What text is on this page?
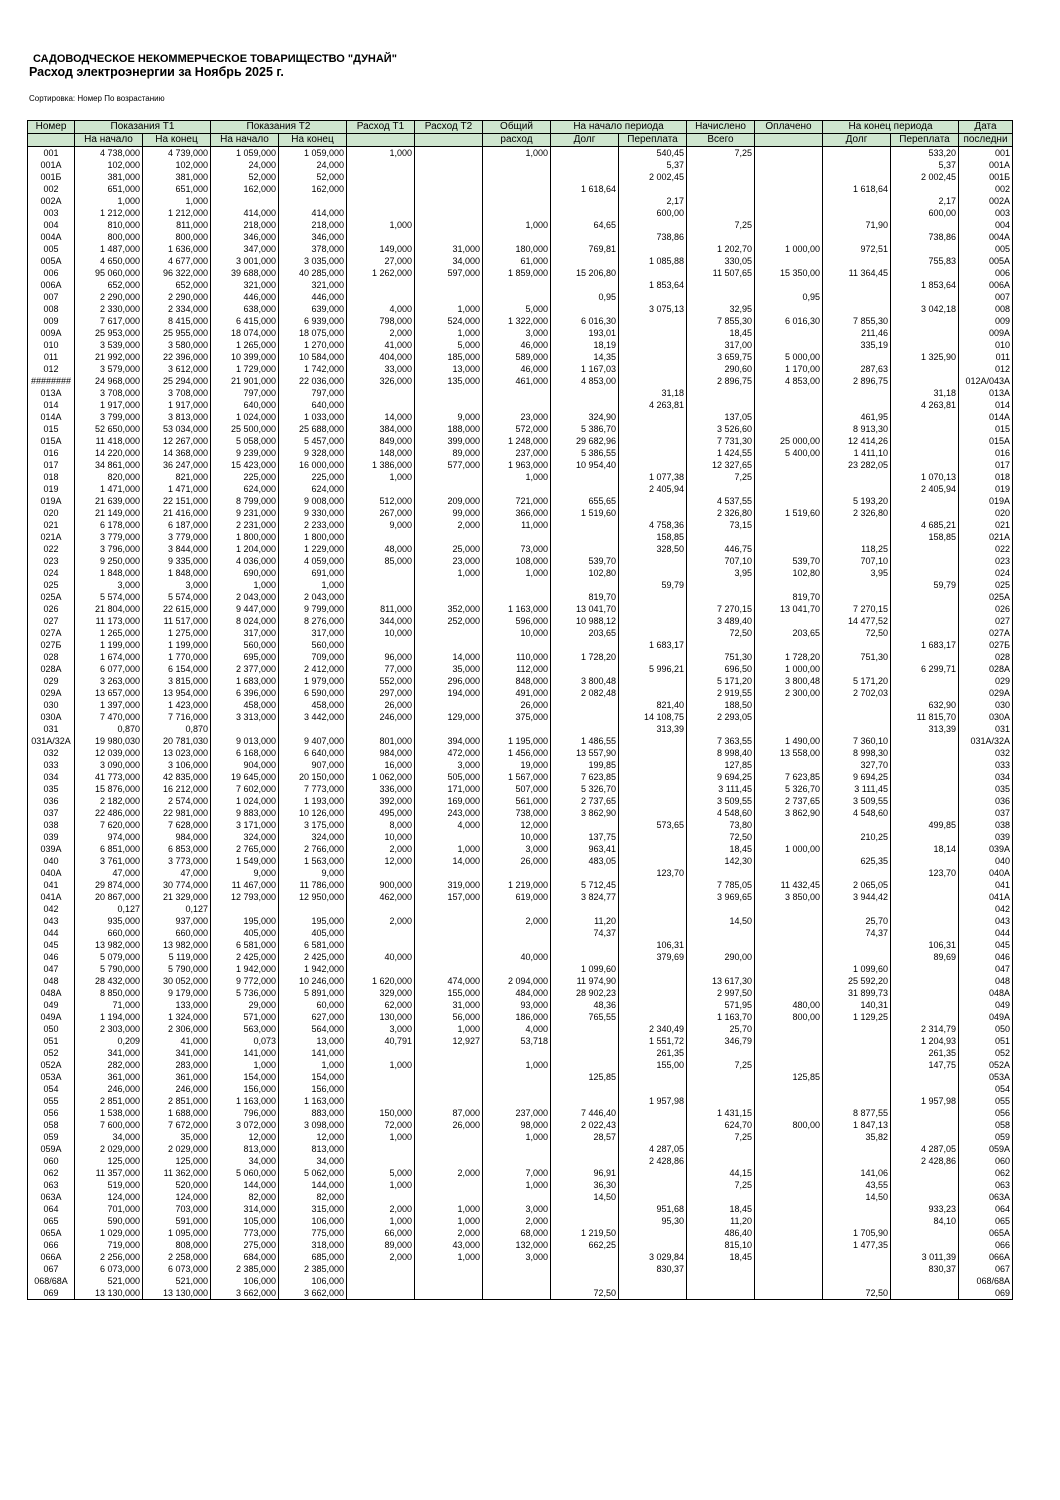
САДОВОДЧЕСКОЕ НЕКОММЕРЧЕСКОЕ ТОВАРИЩЕСТВО "ДУНАЙ"
Расход электроэнергии за Ноябрь 2025 г.
Сортировка: Номер По возрастанию
Номер	Показания Т1		Показания Т2		Расход Т1	Расход Т2	Общий	На начало периода		Начислено	Оплачено	На конец периода		Дата
	На начало	На конец	На начало	На конец			расход	Долг	Переплата	Всего		Долг	Переплата	последни
001	4 738,000	4 739,000	1 059,000	1 059,000	1,000		1,000		540,45	7,25			533,20	001
001А	102,000	102,000	24,000	24,000					5,37				5,37	001А
001Б	381,000	381,000	52,000	52,000					2 002,45				2 002,45	001Б
002	651,000	651,000	162,000	162,000				1 618,64				1 618,64		002
002А	1,000	1,000							2,17				2,17	002А
003	1 212,000	1 212,000	414,000	414,000					600,00				600,00	003
004	810,000	811,000	218,000	218,000	1,000		1,000	64,65		7,25		71,90		004
004А	800,000	800,000	346,000	346,000					738,86				738,86	004А
005	1 487,000	1 636,000	347,000	378,000	149,000	31,000	180,000	769,81		1 202,70	1 000,00	972,51		005
005А	4 650,000	4 677,000	3 001,000	3 035,000	27,000	34,000	61,000		1 085,88	330,05			755,83	005А
006	95 060,000	96 322,000	39 688,000	40 285,000	1 262,000	597,000	1 859,000	15 206,80		11 507,65	15 350,00	11 364,45		006
006А	652,000	652,000	321,000	321,000					1 853,64				1 853,64	006А
007	2 290,000	2 290,000	446,000	446,000				0,95			0,95			007
008	2 330,000	2 334,000	638,000	639,000	4,000	1,000	5,000		3 075,13	32,95			3 042,18	008
009	7 617,000	8 415,000	6 415,000	6 939,000	798,000	524,000	1 322,000	6 016,30		7 855,30	6 016,30	7 855,30		009
009А	25 953,000	25 955,000	18 074,000	18 075,000	2,000	1,000	3,000	193,01		18,45		211,46		009А
010	3 539,000	3 580,000	1 265,000	1 270,000	41,000	5,000	46,000	18,19		317,00		335,19		010
011	21 992,000	22 396,000	10 399,000	10 584,000	404,000	185,000	589,000	14,35		3 659,75	5 000,00		1 325,90	011
012	3 579,000	3 612,000	1 729,000	1 742,000	33,000	13,000	46,000	1 167,03		290,60	1 170,00	287,63		012
########	24 968,000	25 294,000	21 901,000	22 036,000	326,000	135,000	461,000	4 853,00		2 896,75	4 853,00	2 896,75		012А/043А
013А	3 708,000	3 708,000	797,000	797,000					31,18				31,18	013А
014	1 917,000	1 917,000	640,000	640,000					4 263,81				4 263,81	014
014А	3 799,000	3 813,000	1 024,000	1 033,000	14,000	9,000	23,000	324,90		137,05		461,95		014А
015	52 650,000	53 034,000	25 500,000	25 688,000	384,000	188,000	572,000	5 386,70		3 526,60		8 913,30		015
015А	11 418,000	12 267,000	5 058,000	5 457,000	849,000	399,000	1 248,000	29 682,96		7 731,30	25 000,00	12 414,26		015А
016	14 220,000	14 368,000	9 239,000	9 328,000	148,000	89,000	237,000	5 386,55		1 424,55	5 400,00	1 411,10		016
017	34 861,000	36 247,000	15 423,000	16 000,000	1 386,000	577,000	1 963,000	10 954,40		12 327,65		23 282,05		017
018	820,000	821,000	225,000	225,000	1,000		1,000		1 077,38	7,25			1 070,13	018
019	1 471,000	1 471,000	624,000	624,000					2 405,94				2 405,94	019
019А	21 639,000	22 151,000	8 799,000	9 008,000	512,000	209,000	721,000	655,65		4 537,55		5 193,20		019А
020	21 149,000	21 416,000	9 231,000	9 330,000	267,000	99,000	366,000	1 519,60		2 326,80	1 519,60	2 326,80		020
021	6 178,000	6 187,000	2 231,000	2 233,000	9,000	2,000	11,000		4 758,36	73,15			4 685,21	021
021А	3 779,000	3 779,000	1 800,000	1 800,000					158,85				158,85	021А
022	3 796,000	3 844,000	1 204,000	1 229,000	48,000	25,000	73,000		328,50	446,75		118,25		022
023	9 250,000	9 335,000	4 036,000	4 059,000	85,000	23,000	108,000	539,70		707,10	539,70	707,10		023
024	1 848,000	1 848,000	690,000	691,000		1,000	1,000	102,80		3,95	102,80	3,95		024
025	3,000	3,000	1,000	1,000					59,79				59,79	025
025А	5 574,000	5 574,000	2 043,000	2 043,000				819,70			819,70			025А
026	21 804,000	22 615,000	9 447,000	9 799,000	811,000	352,000	1 163,000	13 041,70		7 270,15	13 041,70	7 270,15		026
027	11 173,000	11 517,000	8 024,000	8 276,000	344,000	252,000	596,000	10 988,12		3 489,40		14 477,52		027
027А	1 265,000	1 275,000	317,000	317,000	10,000		10,000	203,65		72,50	203,65	72,50		027А
027Б	1 199,000	1 199,000	560,000	560,000					1 683,17				1 683,17	027Б
028	1 674,000	1 770,000	695,000	709,000	96,000	14,000	110,000	1 728,20		751,30	1 728,20	751,30		028
028А	6 077,000	6 154,000	2 377,000	2 412,000	77,000	35,000	112,000		5 996,21	696,50	1 000,00		6 299,71	028А
029	3 263,000	3 815,000	1 683,000	1 979,000	552,000	296,000	848,000	3 800,48		5 171,20	3 800,48	5 171,20		029
029А	13 657,000	13 954,000	6 396,000	6 590,000	297,000	194,000	491,000	2 082,48		2 919,55	2 300,00	2 702,03		029А
030	1 397,000	1 423,000	458,000	458,000	26,000		26,000		821,40	188,50			632,90	030
030А	7 470,000	7 716,000	3 313,000	3 442,000	246,000	129,000	375,000		14 108,75	2 293,05			11 815,70	030А
031	0,870	0,870							313,39				313,39	031
031А/32А	19 980,030	20 781,030	9 013,000	9 407,000	801,000	394,000	1 195,000	1 486,55		7 363,55	1 490,00	7 360,10		031А/32А
032	12 039,000	13 023,000	6 168,000	6 640,000	984,000	472,000	1 456,000	13 557,90		8 998,40	13 558,00	8 998,30		032
033	3 090,000	3 106,000	904,000	907,000	16,000	3,000	19,000	199,85		127,85		327,70		033
034	41 773,000	42 835,000	19 645,000	20 150,000	1 062,000	505,000	1 567,000	7 623,85		9 694,25	7 623,85	9 694,25		034
035	15 876,000	16 212,000	7 602,000	7 773,000	336,000	171,000	507,000	5 326,70		3 111,45	5 326,70	3 111,45		035
036	2 182,000	2 574,000	1 024,000	1 193,000	392,000	169,000	561,000	2 737,65		3 509,55	2 737,65	3 509,55		036
037	22 486,000	22 981,000	9 883,000	10 126,000	495,000	243,000	738,000	3 862,90		4 548,60	3 862,90	4 548,60		037
038	7 620,000	7 628,000	3 171,000	3 175,000	8,000	4,000	12,000		573,65	73,80			499,85	038
039	974,000	984,000	324,000	324,000	10,000		10,000	137,75		72,50		210,25		039
039А	6 851,000	6 853,000	2 765,000	2 766,000	2,000	1,000	3,000	963,41		18,45	1 000,00		18,14	039А
040	3 761,000	3 773,000	1 549,000	1 563,000	12,000	14,000	26,000	483,05		142,30		625,35		040
040А	47,000	47,000	9,000	9,000					123,70				123,70	040А
041	29 874,000	30 774,000	11 467,000	11 786,000	900,000	319,000	1 219,000	5 712,45		7 785,05	11 432,45	2 065,05		041
041А	20 867,000	21 329,000	12 793,000	12 950,000	462,000	157,000	619,000	3 824,77		3 969,65	3 850,00	3 944,42		041А
042	0,127	0,127												042
043	935,000	937,000	195,000	195,000	2,000		2,000	11,20		14,50		25,70		043
044	660,000	660,000	405,000	405,000				74,37				74,37		044
045	13 982,000	13 982,000	6 581,000	6 581,000					106,31				106,31	045
046	5 079,000	5 119,000	2 425,000	2 425,000	40,000		40,000		379,69	290,00			89,69	046
047	5 790,000	5 790,000	1 942,000	1 942,000				1 099,60				1 099,60		047
048	28 432,000	30 052,000	9 772,000	10 246,000	1 620,000	474,000	2 094,000	11 974,90		13 617,30		25 592,20		048
048А	8 850,000	9 179,000	5 736,000	5 891,000	329,000	155,000	484,000	28 902,23		2 997,50		31 899,73		048А
049	71,000	133,000	29,000	60,000	62,000	31,000	93,000	48,36		571,95	480,00	140,31		049
049А	1 194,000	1 324,000	571,000	627,000	130,000	56,000	186,000	765,55		1 163,70	800,00	1 129,25		049А
050	2 303,000	2 306,000	563,000	564,000	3,000	1,000	4,000		2 340,49	25,70			2 314,79	050
051	0,209	41,000	0,073	13,000	40,791	12,927	53,718		1 551,72	346,79			1 204,93	051
052	341,000	341,000	141,000	141,000					261,35				261,35	052
052А	282,000	283,000	1,000	1,000	1,000		1,000		155,00	7,25			147,75	052А
053А	361,000	361,000	154,000	154,000				125,85			125,85			053А
054	246,000	246,000	156,000	156,000										054
055	2 851,000	2 851,000	1 163,000	1 163,000					1 957,98				1 957,98	055
056	1 538,000	1 688,000	796,000	883,000	150,000	87,000	237,000	7 446,40		1 431,15		8 877,55		056
058	7 600,000	7 672,000	3 072,000	3 098,000	72,000	26,000	98,000	2 022,43		624,70	800,00	1 847,13		058
059	34,000	35,000	12,000	12,000	1,000		1,000	28,57		7,25		35,82		059
059А	2 029,000	2 029,000	813,000	813,000					4 287,05				4 287,05	059А
060	125,000	125,000	34,000	34,000					2 428,86				2 428,86	060
062	11 357,000	11 362,000	5 060,000	5 062,000	5,000	2,000	7,000	96,91		44,15		141,06		062
063	519,000	520,000	144,000	144,000	1,000		1,000	36,30		7,25		43,55		063
063А	124,000	124,000	82,000	82,000				14,50				14,50		063А
064	701,000	703,000	314,000	315,000	2,000	1,000	3,000		951,68	18,45			933,23	064
065	590,000	591,000	105,000	106,000	1,000	1,000	2,000		95,30	11,20			84,10	065
065А	1 029,000	1 095,000	773,000	775,000	66,000	2,000	68,000	1 219,50		486,40		1 705,90		065А
066	719,000	808,000	275,000	318,000	89,000	43,000	132,000	662,25		815,10		1 477,35		066
066А	2 256,000	2 258,000	684,000	685,000	2,000	1,000	3,000		3 029,84	18,45			3 011,39	066А
067	6 073,000	6 073,000	2 385,000	2 385,000					830,37				830,37	067
068/68А	521,000	521,000	106,000	106,000										068/68А
069	13 130,000	13 130,000	3 662,000	3 662,000				72,50				72,50		069
